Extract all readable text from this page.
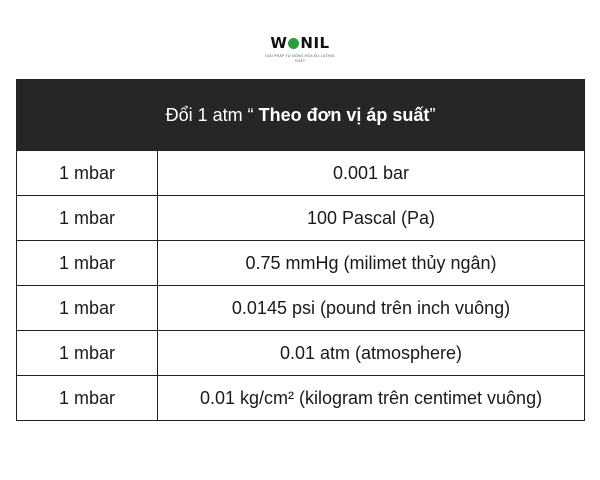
W NIL
GIẢI PHÁP TỰ ĐỘNG HÓA ĐO LƯỜNG CHẤT
Đổi 1 atm “ Theo đơn vị áp suất”	
1 mbar	0.001 bar
1 mbar	100 Pascal (Pa)
1 mbar	0.75 mmHg (milimet thủy ngân)
1 mbar	0.0145 psi (pound trên inch vuông)
1 mbar	0.01 atm (atmosphere)
1 mbar	0.01 kg/cm² (kilogram trên centimet vuông)
